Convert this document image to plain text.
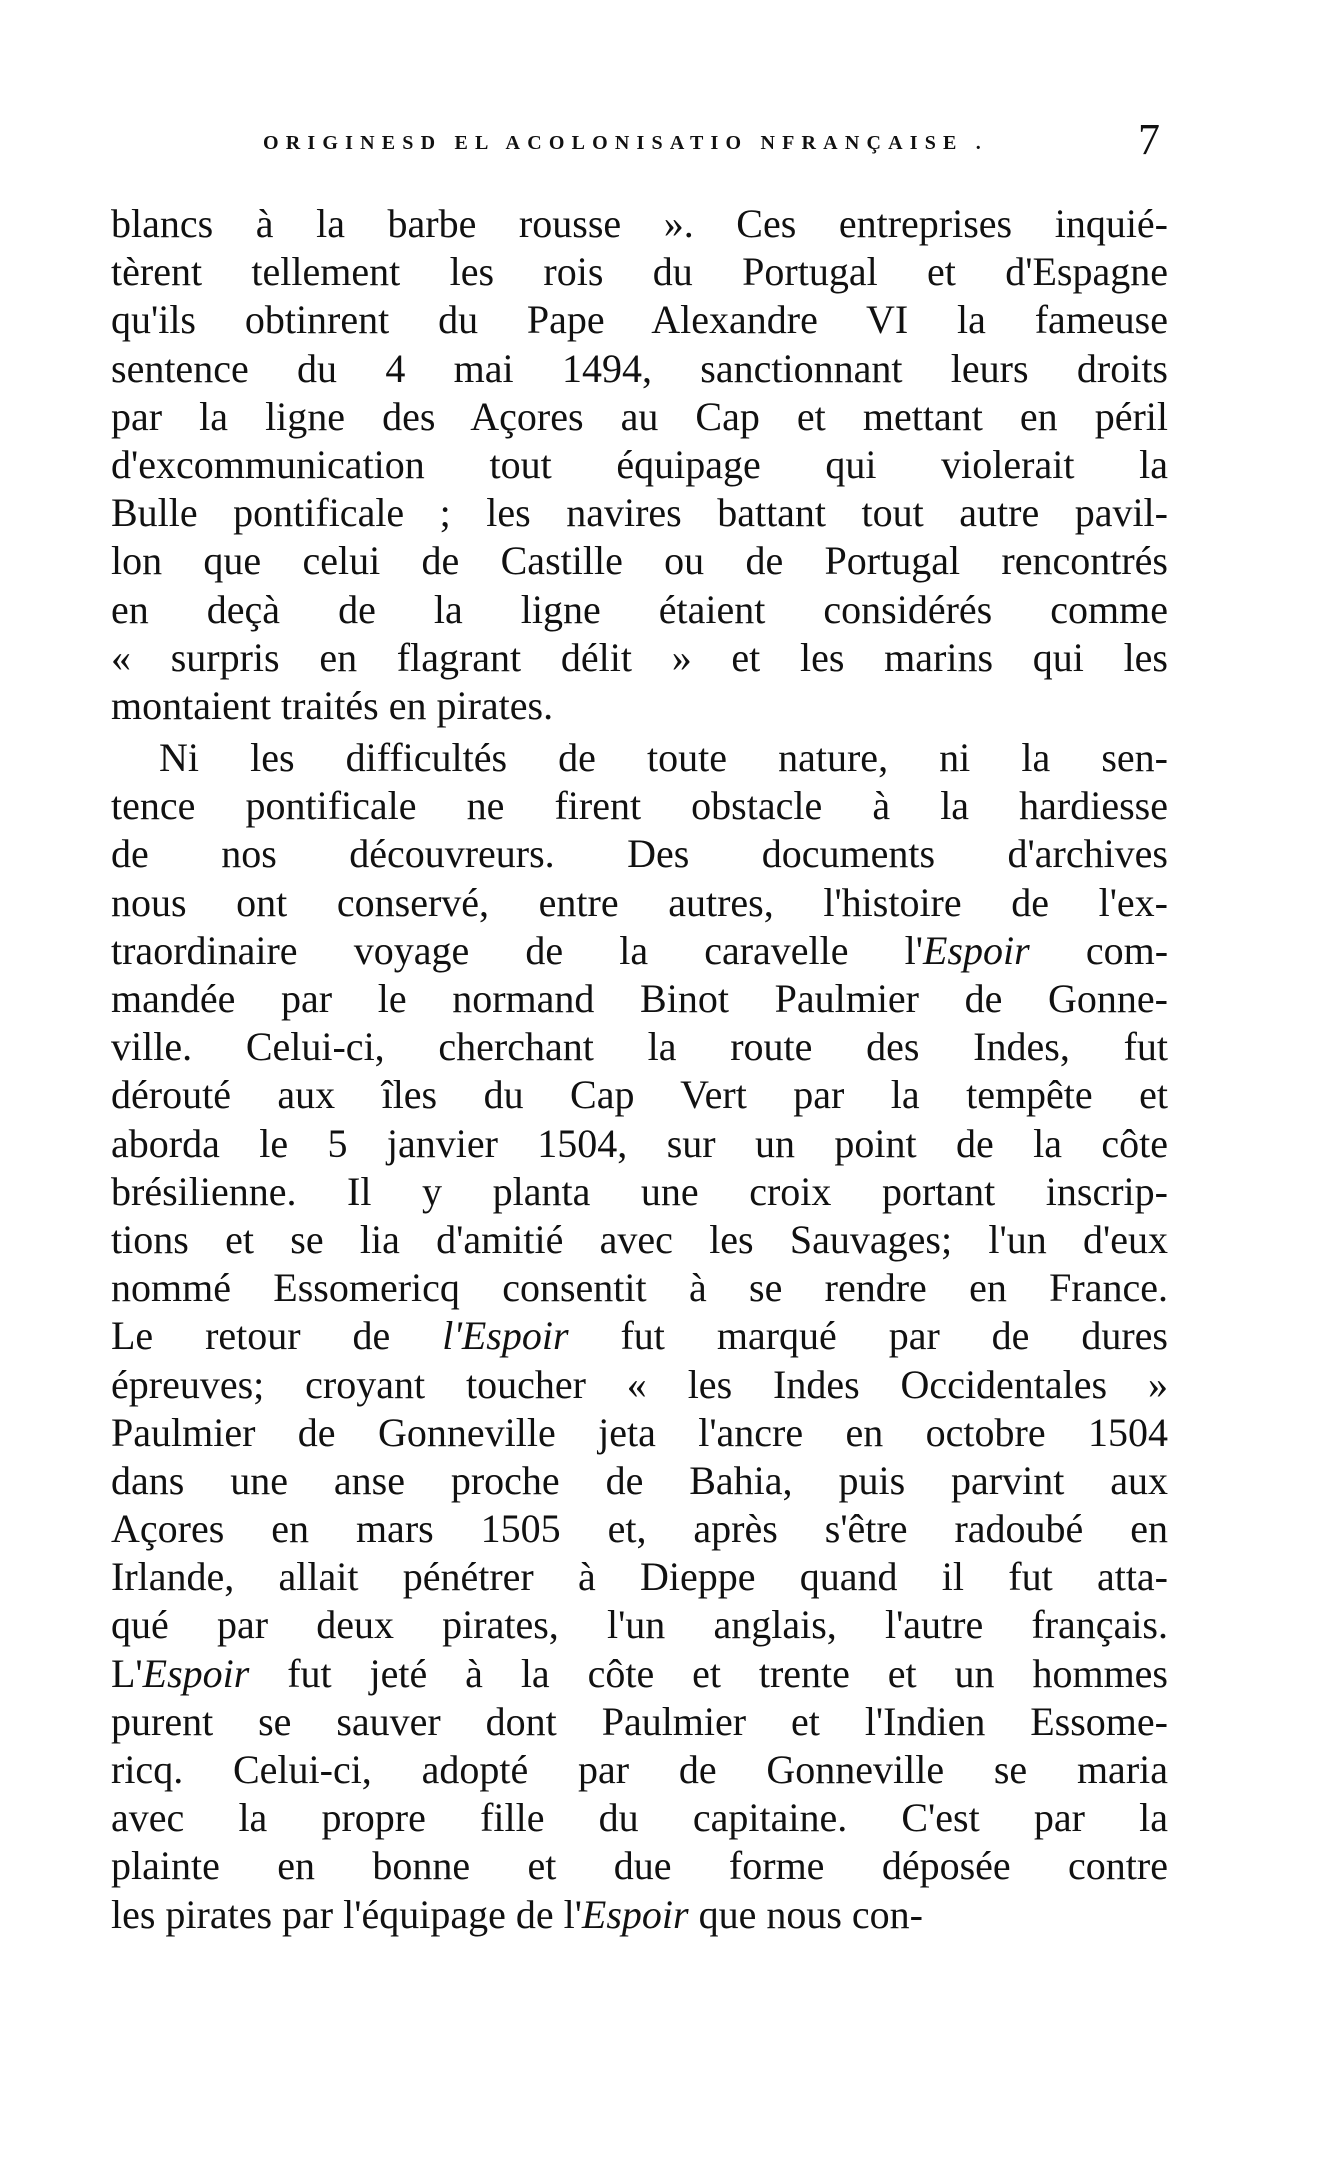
ORIGINESD EL ACOLONISATIO NFRANÇAISE .	7
blancs à la barbe rousse ». Ces entreprises inquié-
tèrent tellement les rois du Portugal et d'Espagne
qu'ils obtinrent du Pape Alexandre VI la fameuse
sentence du 4 mai 1494, sanctionnant leurs droits
par la ligne des Açores au Cap et mettant en péril
d'excommunication tout équipage qui violerait la
Bulle pontificale ; les navires battant tout autre pavil-
lon que celui de Castille ou de Portugal rencontrés
en deçà de la ligne étaient considérés comme
« surpris en flagrant délit » et les marins qui les
montaient traités en pirates.
Ni les difficultés de toute nature, ni la sen-
tence pontificale ne firent obstacle à la hardiesse
de nos découvreurs. Des documents d'archives
nous ont conservé, entre autres, l'histoire de l'ex-
traordinaire voyage de la caravelle l'Espoir com-
mandée par le normand Binot Paulmier de Gonne-
ville. Celui-ci, cherchant la route des Indes, fut
dérouté aux îles du Cap Vert par la tempête et
aborda le 5 janvier 1504, sur un point de la côte
brésilienne. Il y planta une croix portant inscrip-
tions et se lia d'amitié avec les Sauvages; l'un d'eux
nommé Essomericq consentit à se rendre en France.
Le retour de l'Espoir fut marqué par de dures
épreuves; croyant toucher « les Indes Occidentales »
Paulmier de Gonneville jeta l'ancre en octobre 1504
dans une anse proche de Bahia, puis parvint aux
Açores en mars 1505 et, après s'être radoubé en
Irlande, allait pénétrer à Dieppe quand il fut atta-
qué par deux pirates, l'un anglais, l'autre français.
L'Espoir fut jeté à la côte et trente et un hommes
purent se sauver dont Paulmier et l'Indien Essome-
ricq. Celui-ci, adopté par de Gonneville se maria
avec la propre fille du capitaine. C'est par la
plainte en bonne et due forme déposée contre
les pirates par l'équipage de l'Espoir que nous con-
